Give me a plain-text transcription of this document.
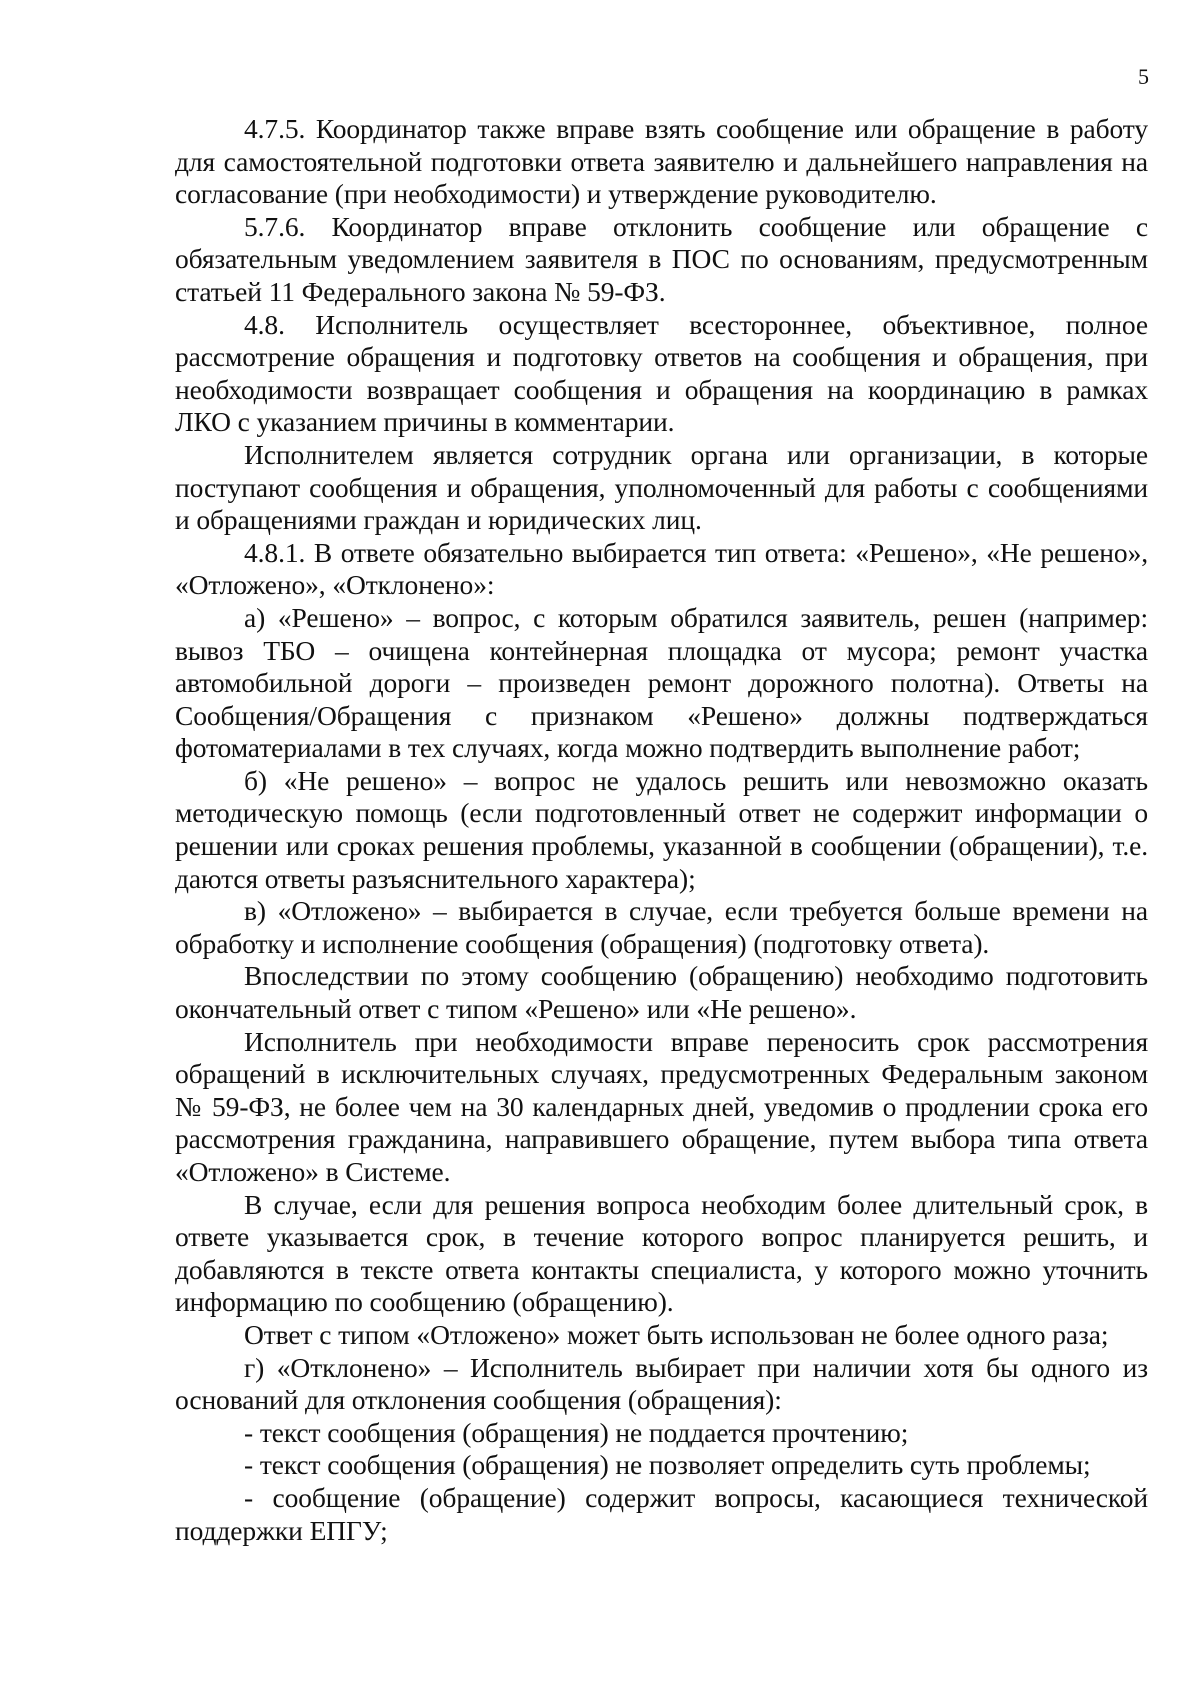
5

4.7.5. Координатор также вправе взять сообщение или обращение в работу для самостоятельной подготовки ответа заявителю и дальнейшего направления на согласование (при необходимости) и утверждение руководителю.

5.7.6. Координатор вправе отклонить сообщение или обращение с обязательным уведомлением заявителя в ПОС по основаниям, предусмотренным статьей 11 Федерального закона № 59-ФЗ.

4.8. Исполнитель осуществляет всестороннее, объективное, полное рассмотрение обращения и подготовку ответов на сообщения и обращения, при необходимости возвращает сообщения и обращения на координацию в рамках ЛКО с указанием причины в комментарии.

Исполнителем является сотрудник органа или организации, в которые поступают сообщения и обращения, уполномоченный для работы с сообщениями и обращениями граждан и юридических лиц.

4.8.1. В ответе обязательно выбирается тип ответа: «Решено», «Не решено», «Отложено», «Отклонено»:

а) «Решено» – вопрос, с которым обратился заявитель, решен (например: вывоз ТБО – очищена контейнерная площадка от мусора; ремонт участка автомобильной дороги – произведен ремонт дорожного полотна). Ответы на Сообщения/Обращения с признаком «Решено» должны подтверждаться фотоматериалами в тех случаях, когда можно подтвердить выполнение работ;

б) «Не решено» – вопрос не удалось решить или невозможно оказать методическую помощь (если подготовленный ответ не содержит информации о решении или сроках решения проблемы, указанной в сообщении (обращении), т.е. даются ответы разъяснительного характера);

в) «Отложено» – выбирается в случае, если требуется больше времени на обработку и исполнение сообщения (обращения) (подготовку ответа).

Впоследствии по этому сообщению (обращению) необходимо подготовить окончательный ответ с типом «Решено» или «Не решено».

Исполнитель при необходимости вправе переносить срок рассмотрения обращений в исключительных случаях, предусмотренных Федеральным законом № 59-ФЗ, не более чем на 30 календарных дней, уведомив о продлении срока его рассмотрения гражданина, направившего обращение, путем выбора типа ответа «Отложено» в Системе.

В случае, если для решения вопроса необходим более длительный срок, в ответе указывается срок, в течение которого вопрос планируется решить, и добавляются в тексте ответа контакты специалиста, у которого можно уточнить информацию по сообщению (обращению).

Ответ с типом «Отложено» может быть использован не более одного раза;

г) «Отклонено» – Исполнитель выбирает при наличии хотя бы одного из оснований для отклонения сообщения (обращения):

- текст сообщения (обращения) не поддается прочтению;

- текст сообщения (обращения) не позволяет определить суть проблемы;

- сообщение (обращение) содержит вопросы, касающиеся технической поддержки ЕПГУ;
